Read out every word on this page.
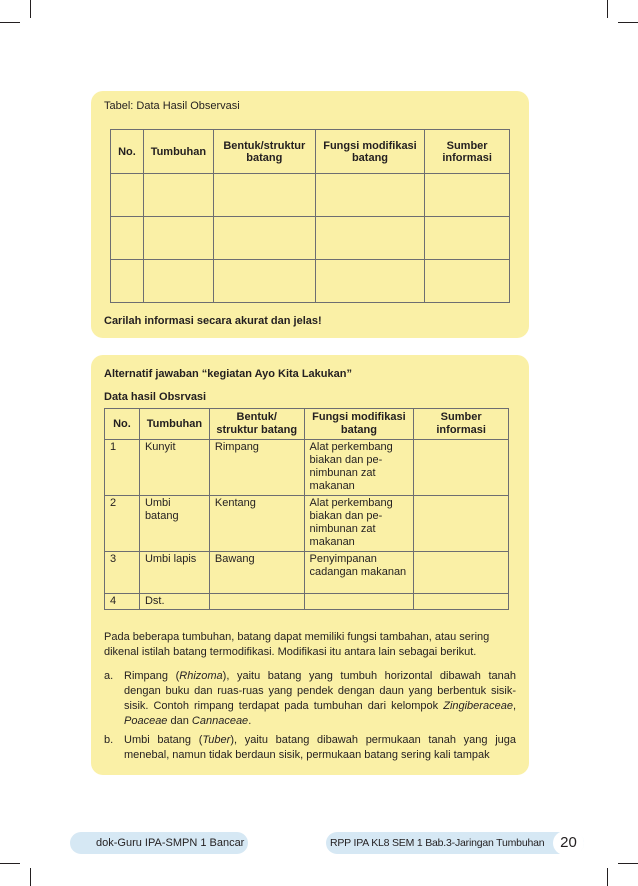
Tabel: Data Hasil Observasi
No.	Tumbuhan	Bentuk/struktur batang	Fungsi modifikasi batang	Sumber informasi

Carilah informasi secara akurat dan jelas!
Alternatif jawaban “kegiatan Ayo Kita Lakukan”
Data hasil Obsrvasi
No.	Tumbuhan	Bentuk/ struktur batang	Fungsi modifikasi batang	Sumber informasi
1	Kunyit	Rimpang	Alat perkembang biakan dan pe- nimbunan zat makanan	
2	Umbi batang	Kentang	Alat perkembang biakan dan pe- nimbunan zat makanan	
3	Umbi lapis	Bawang	Penyimpanan cadangan makanan	
4	Dst.			
Pada beberapa tumbuhan, batang dapat memiliki fungsi tambahan, atau sering dikenal istilah batang termodifikasi. Modifikasi itu antara lain sebagai berikut.
a. Rimpang (Rhizoma), yaitu batang yang tumbuh horizontal dibawah tanah dengan buku dan ruas-ruas yang pendek dengan daun yang berbentuk sisik-sisik. Contoh rimpang terdapat pada tumbuhan dari kelompok Zingiberaceae, Poaceae dan Cannaceae.
b. Umbi batang (Tuber), yaitu batang dibawah permukaan tanah yang juga menebal, namun tidak berdaun sisik, permukaan batang sering kali tampak
dok-Guru IPA-SMPN 1 Bancar	RPP IPA KL8 SEM 1 Bab.3-Jaringan Tumbuhan	20
